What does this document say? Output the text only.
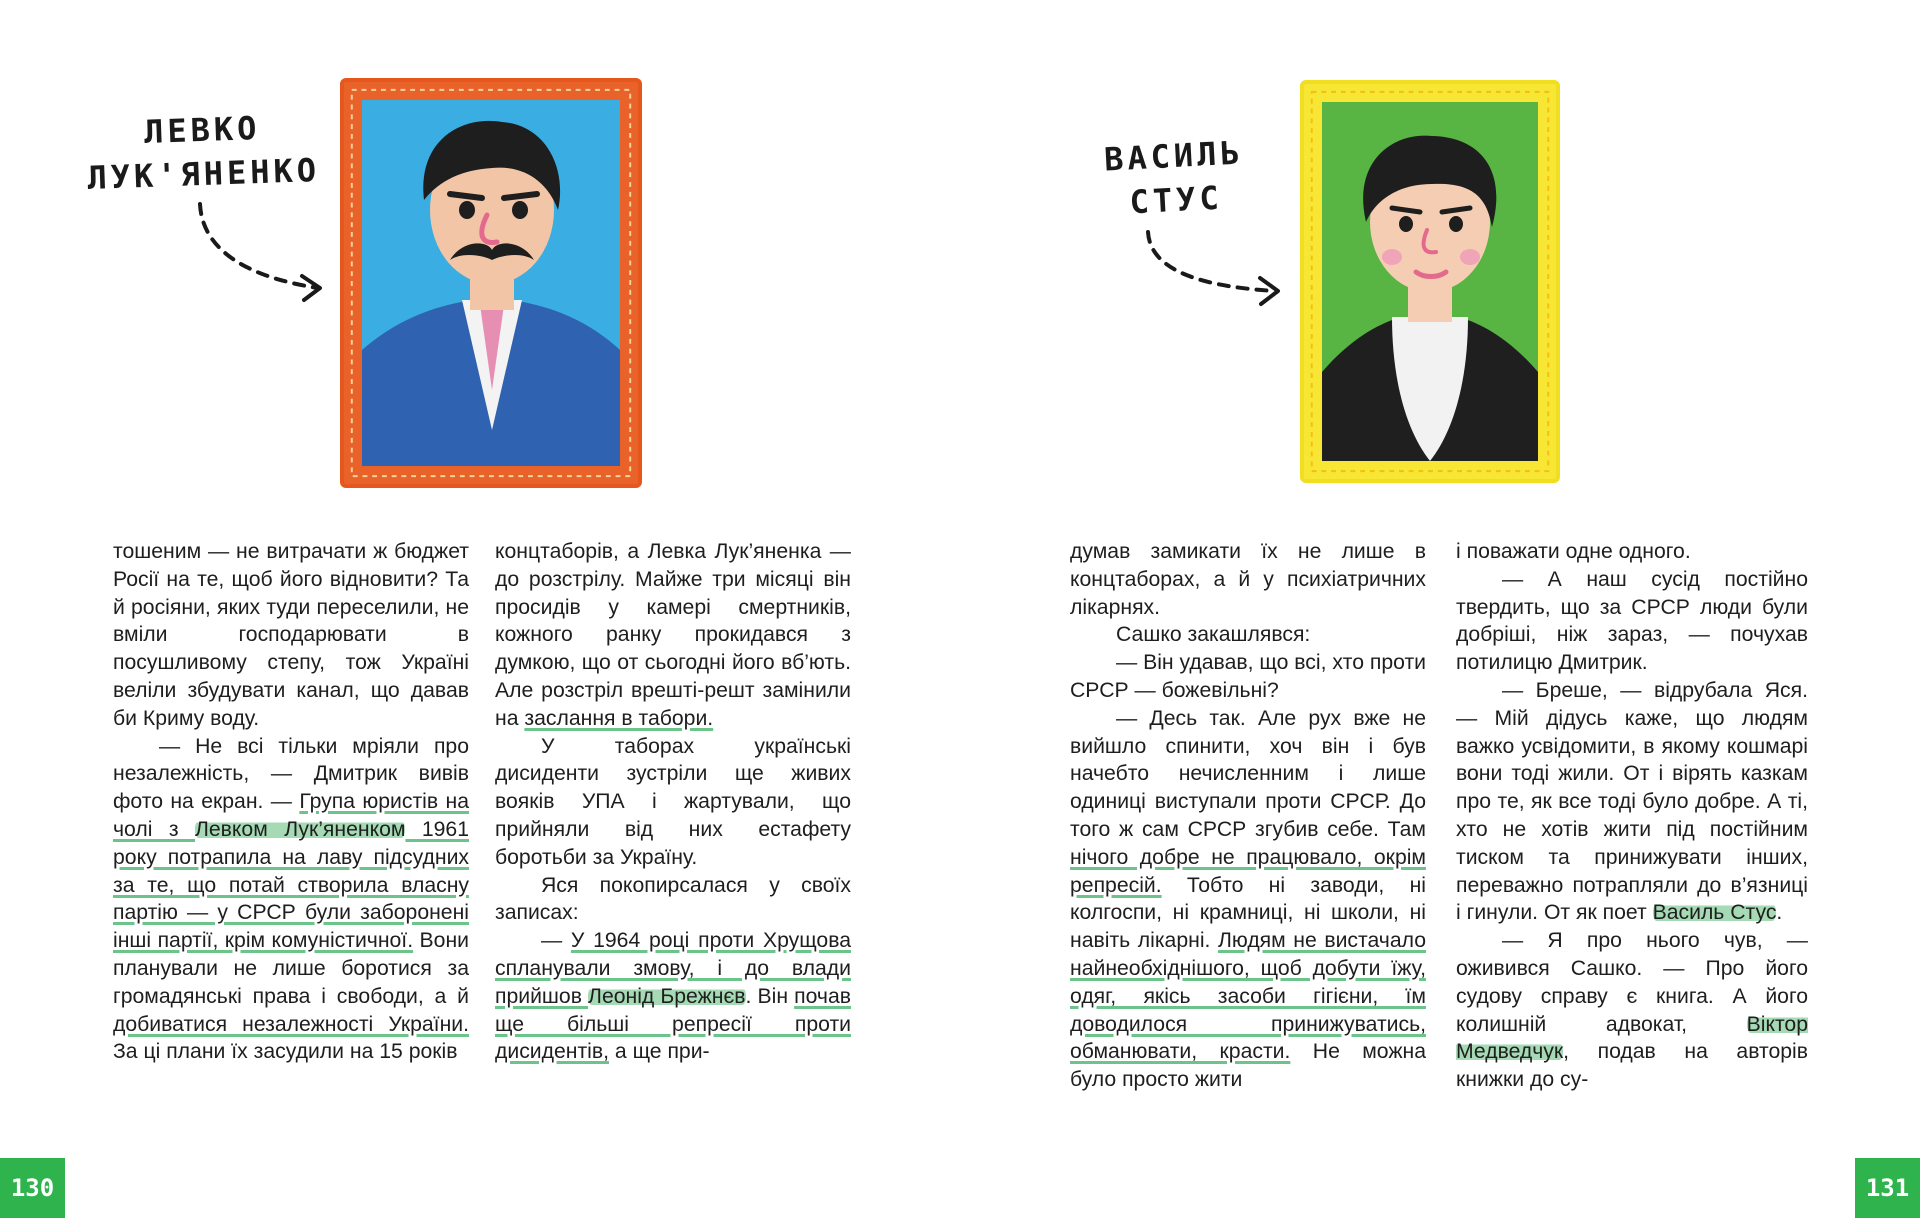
ЛЕВКО
ЛУК'ЯНЕНКО

тошеним — не витрачати ж бюджет Росії на те, щоб його відновити? Та й росіяни, яких туди переселили, не вміли господарювати в посушливому степу, тож Україні веліли збудувати канал, що давав би Криму воду.

— Не всі тільки мріяли про незалежність, — Дмитрик вивів фото на екран. — Група юристів на чолі з Левком Лук’яненком 1961 року потрапила на лаву підсудних за те, що потай створила власну партію — у СРСР були заборонені інші партії, крім комуністичної. Вони планували не лише боротися за громадянські права і свободи, а й добиватися незалежності України. За ці плани їх засудили на 15 років

концтаборів, а Левка Лук’яненка — до розстрілу. Майже три місяці він просидів у камері смертників, кожного ранку прокидався з думкою, що от сьогодні його вб’ють. Але розстріл врешті-решт замінили на заслання в табори.

У таборах українські дисиденти зустріли ще живих вояків УПА і жартували, що прийняли від них естафету боротьби за Україну.

Яся покопирсалася у своїх записах:

— У 1964 році проти Хрущова спланували змову, і до влади прийшов Леонід Брежнєв. Він почав ще більші репресії проти дисидентів, а ще при-

130
ВАСИЛЬ
СТУС

думав замикати їх не лише в концтаборах, а й у психіатричних лікарнях.

Сашко закашлявся:

— Він удавав, що всі, хто проти СРСР — божевільні?

— Десь так. Але рух вже не вийшло спинити, хоч він і був начебто нечисленним і лише одиниці виступали проти СРСР. До того ж сам СРСР згубив себе. Там нічого добре не працювало, окрім репресій. Тобто ні заводи, ні колгоспи, ні крамниці, ні школи, ні навіть лікарні. Людям не вистачало найнеобхіднішого, щоб добути їжу, одяг, якісь засоби гігієни, їм доводилося принижуватись, обманювати, красти. Не можна було просто жити

і поважати одне одного.

— А наш сусід постійно твердить, що за СРСР люди були добріші, ніж зараз, — почухав потилицю Дмитрик.

— Бреше, — відрубала Яся. — Мій дідусь каже, що людям важко усвідомити, в якому кошмарі вони тоді жили. От і вірять казкам про те, як все тоді було добре. А ті, хто не хотів жити під постійним тиском та принижувати інших, переважно потрапляли до в’язниці і гинули. От як поет Василь Стус.

— Я про нього чув, — оживився Сашко. — Про його судову справу є книга. А його колишній адвокат, Віктор Медведчук, подав на авторів книжки до су-

131
